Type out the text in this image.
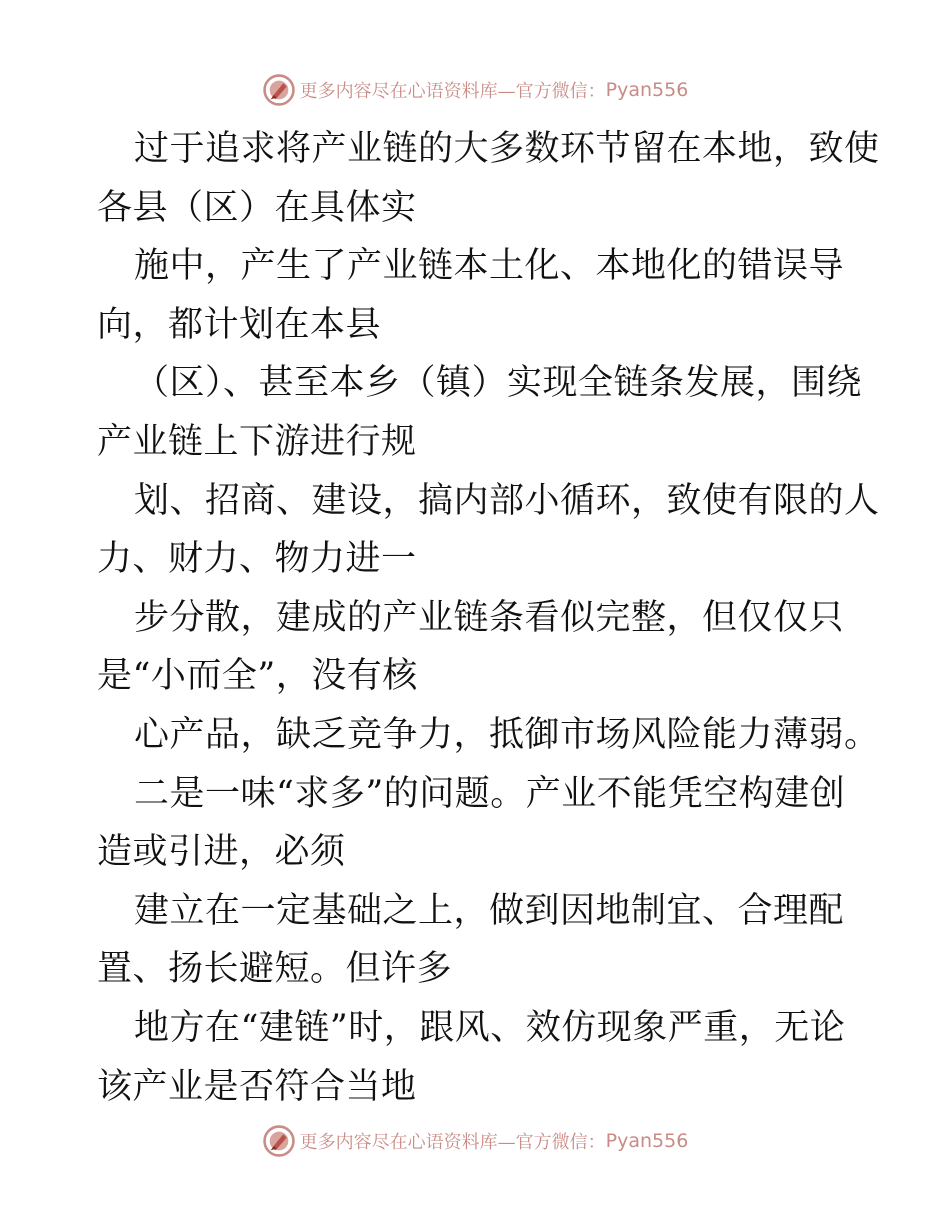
更多内容尽在心语资料库—官方微信： Pyan556
过于追求将产业链的大多数环节留在本地，致使
各县（区）在具体实
施中，产生了产业链本土化、本地化的错误导
向，都计划在本县
（区）、甚至本乡（镇）实现全链条发展，围绕
产业链上下游进行规
划、招商、建设，搞内部小循环，致使有限的人
力、财力、物力进一
步分散，建成的产业链条看似完整，但仅仅只
是“小而全”，没有核
心产品，缺乏竞争力，抵御市场风险能力薄弱。
二是一味“求多”的问题。产业不能凭空构建创
造或引进，必须
建立在一定基础之上，做到因地制宜、合理配
置、扬长避短。但许多
地方在“建链”时，跟风、效仿现象严重，无论
该产业是否符合当地
更多内容尽在心语资料库—官方微信： Pyan556
